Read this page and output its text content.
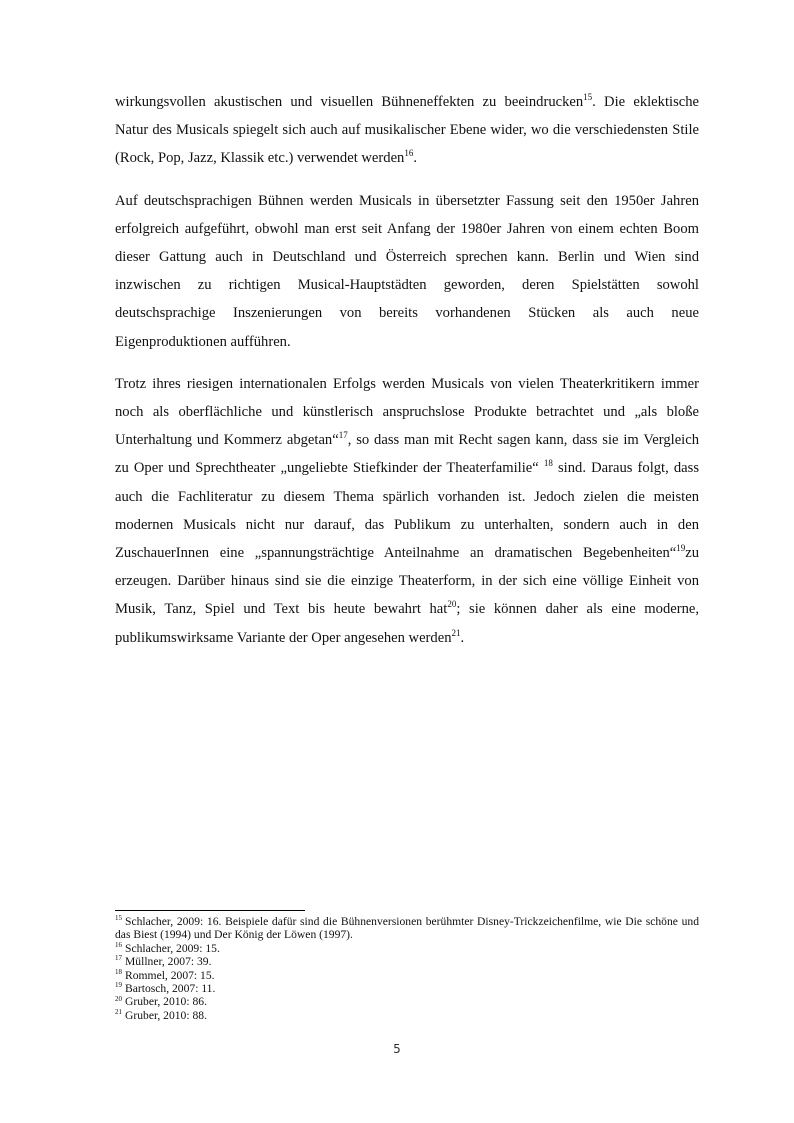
wirkungsvollen akustischen und visuellen Bühneneffekten zu beeindrucken$^{15}$. Die eklektische Natur des Musicals spiegelt sich auch auf musikalischer Ebene wider, wo die verschiedensten Stile (Rock, Pop, Jazz, Klassik etc.) verwendet werden$^{16}$.

Auf deutschsprachigen Bühnen werden Musicals in übersetzter Fassung seit den 1950er Jahren erfolgreich aufgeführt, obwohl man erst seit Anfang der 1980er Jahren von einem echten Boom dieser Gattung auch in Deutschland und Österreich sprechen kann. Berlin und Wien sind inzwischen zu richtigen Musical-Hauptstädten geworden, deren Spielstätten sowohl deutschsprachige Inszenierungen von bereits vorhandenen Stücken als auch neue Eigenproduktionen aufführen.

Trotz ihres riesigen internationalen Erfolgs werden Musicals von vielen Theaterkritikern immer noch als oberflächliche und künstlerisch anspruchslose Produkte betrachtet und „als bloße Unterhaltung und Kommerz abgetan“$^{17}$, so dass man mit Recht sagen kann, dass sie im Vergleich zu Oper und Sprechtheater „ungeliebte Stiefkinder der Theaterfamilie“ $^{18}$ sind. Daraus folgt, dass auch die Fachliteratur zu diesem Thema spärlich vorhanden ist. Jedoch zielen die meisten modernen Musicals nicht nur darauf, das Publikum zu unterhalten, sondern auch in den ZuschauerInnen eine „spannungsträchtige Anteilnahme an dramatischen Begebenheiten“$^{19}$zu erzeugen. Darüber hinaus sind sie die einzige Theaterform, in der sich eine völlige Einheit von Musik, Tanz, Spiel und Text bis heute bewahrt hat$^{20}$; sie können daher als eine moderne, publikumswirksame Variante der Oper angesehen werden$^{21}$.

$^{15}$ Schlacher, 2009: 16. Beispiele dafür sind die Bühnenversionen berühmter Disney-Trickzeichenfilme, wie Die schöne und das Biest (1994) und Der König der Löwen (1997).
$^{16}$ Schlacher, 2009: 15.
$^{17}$ Müllner, 2007: 39.
$^{18}$ Rommel, 2007: 15.
$^{19}$ Bartosch, 2007: 11.
$^{20}$ Gruber, 2010: 86.
$^{21}$ Gruber, 2010: 88.
5
